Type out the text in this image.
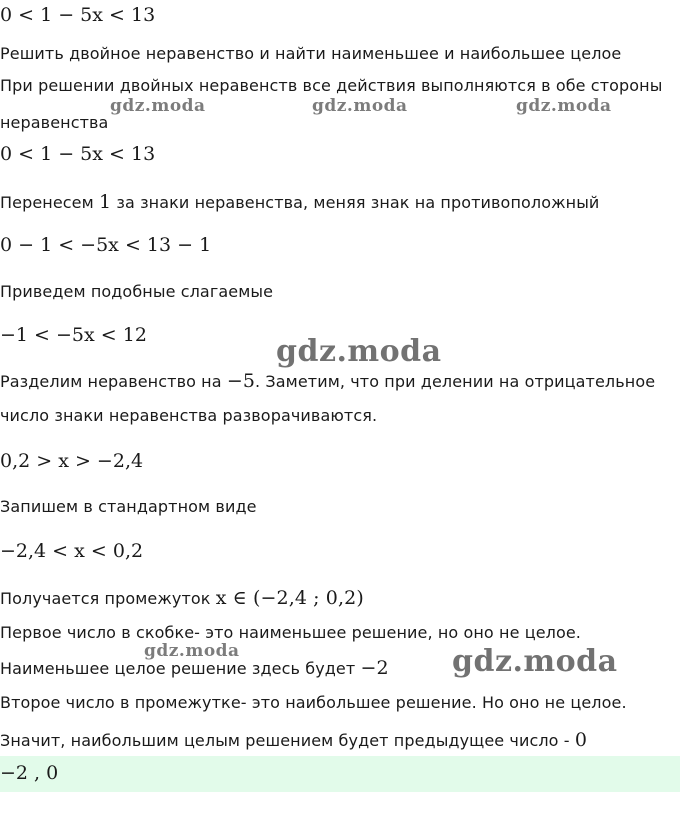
0 < 1 − 5x < 13
Решить двойное неравенство и найти наименьшее и наибольшее целое
При решении двойных неравенств все действия выполняются в обе стороны
неравенства
0 < 1 − 5x < 13
Перенесем 1 за знаки неравенства, меняя знак на противоположный
0 − 1 < −5x < 13 − 1
Приведем подобные слагаемые
−1 < −5x < 12
Разделим неравенство на −5. Заметим, что при делении на отрицательное
число знаки неравенства разворачиваются.
0,2 > x > −2,4
Запишем в стандартном виде
−2,4 < x < 0,2
Получается промежуток x ∈ (−2,4 ; 0,2)
Первое число в скобке- это наименьшее решение, но оно не целое.
Наименьшее целое решение здесь будет −2
Второе число в промежутке- это наибольшее решение. Но оно не целое.
Значит, наибольшим целым решением будет предыдущее число - 0
−2 , 0
gdz.moda	gdz.moda	gdz.moda
gdz.moda
gdz.moda	gdz.moda
